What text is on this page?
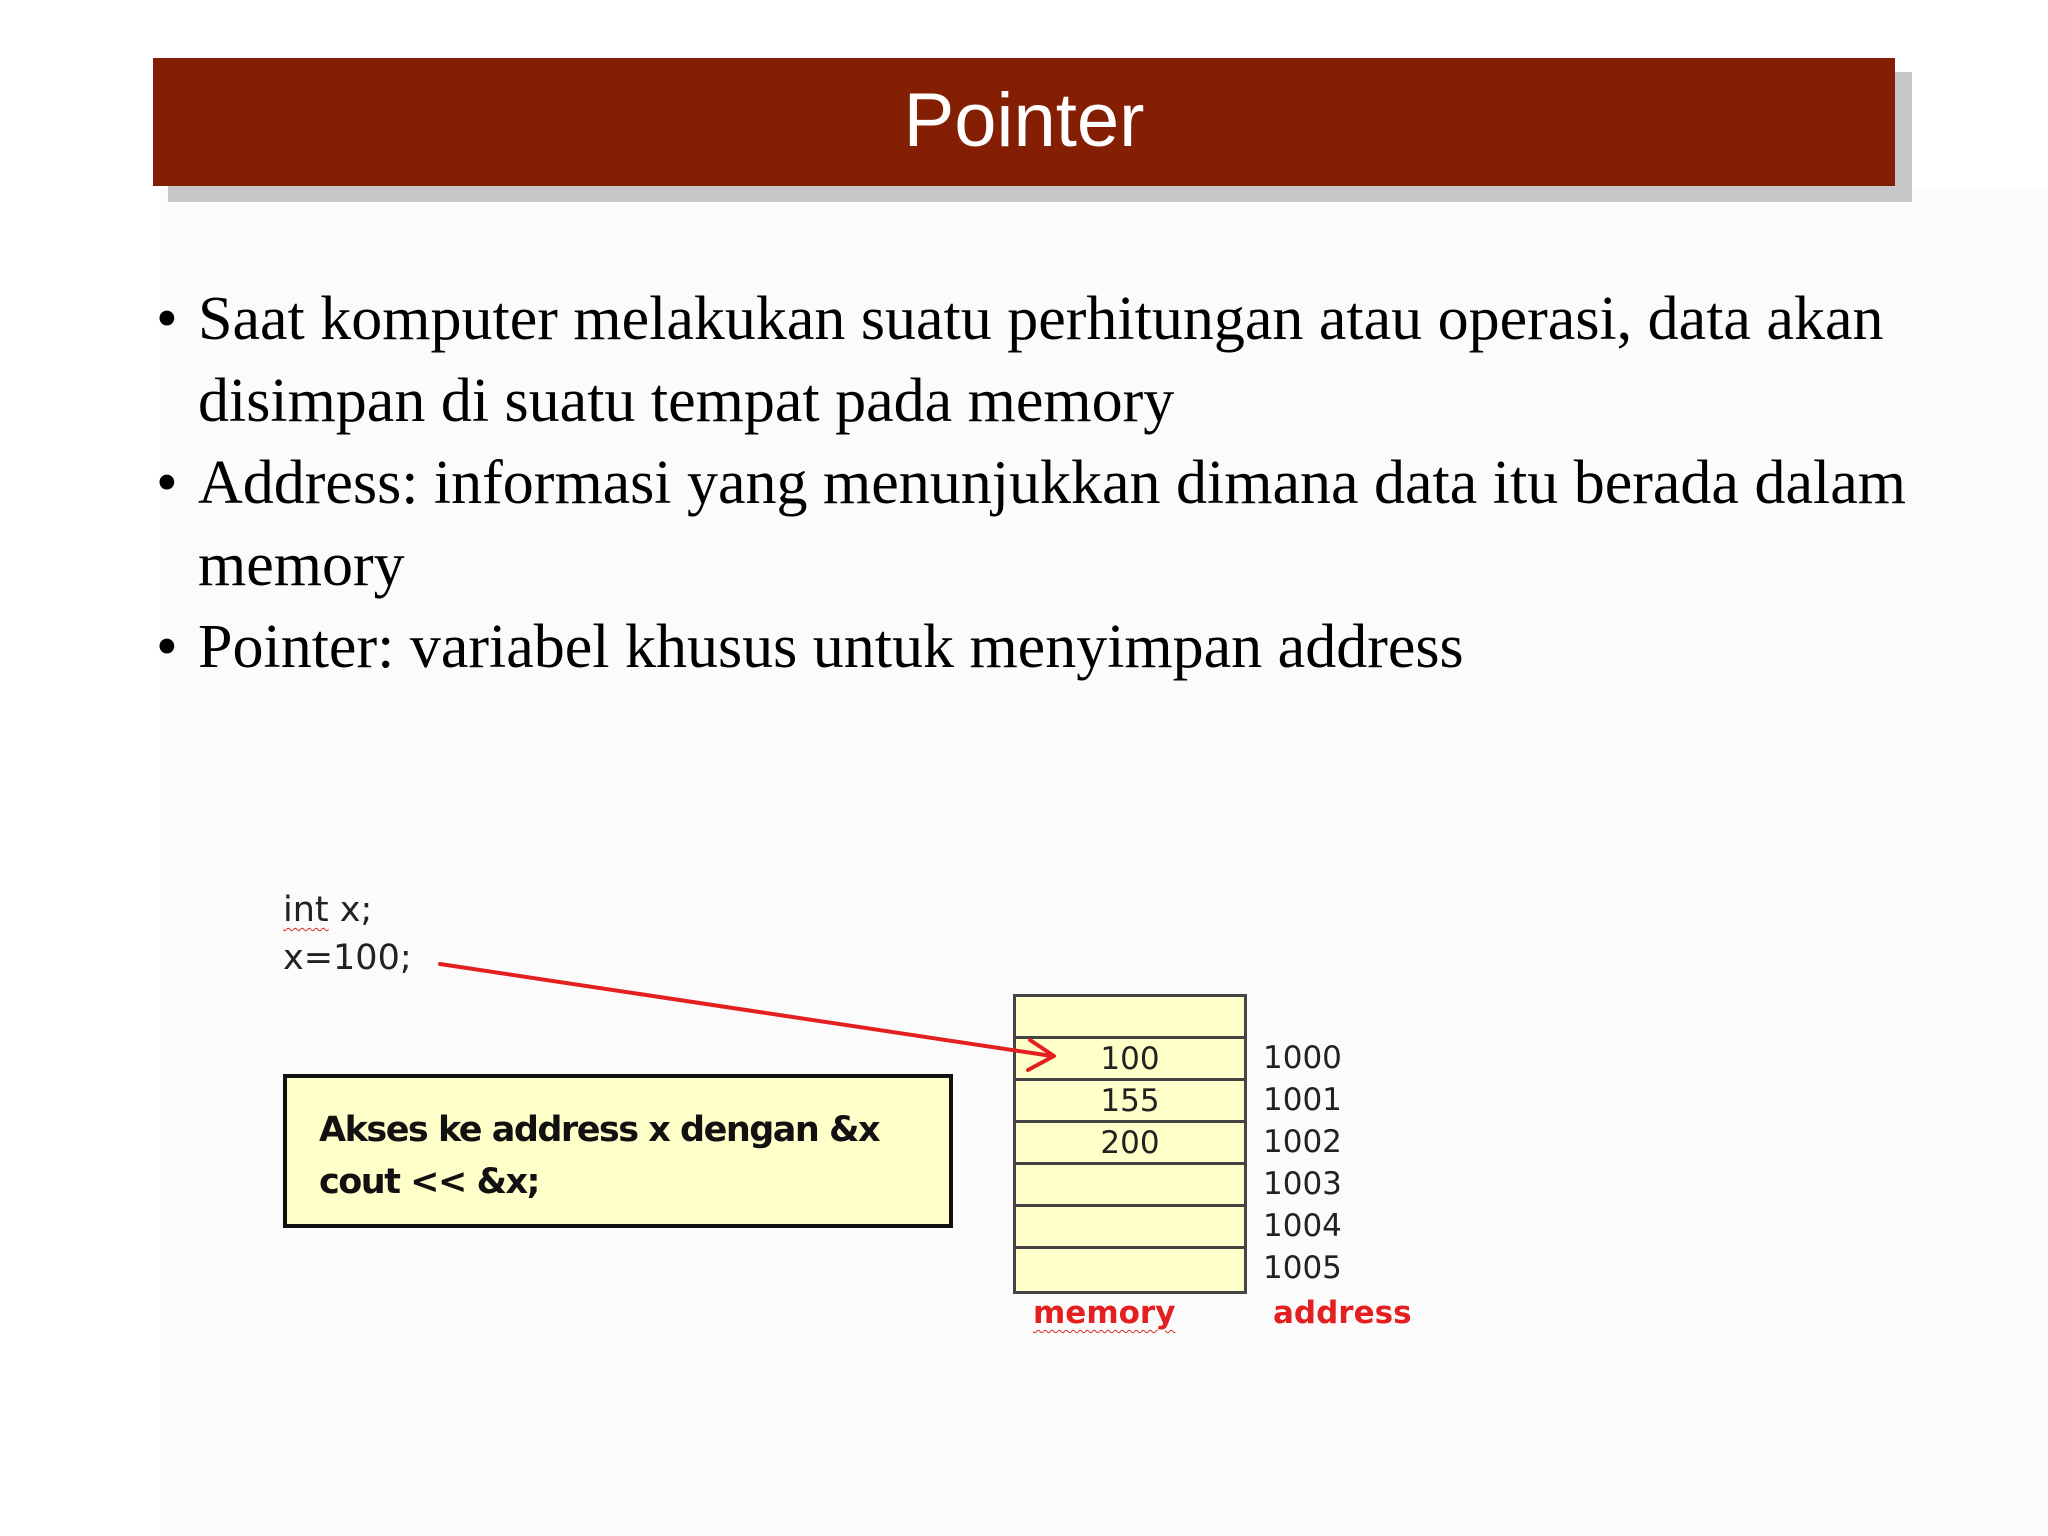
Pointer
• Saat komputer melakukan suatu perhitungan atau operasi, data akan disimpan di suatu tempat pada memory
• Address: informasi yang menunjukkan dimana data itu berada dalam memory
• Pointer: variabel khusus untuk menyimpan address
int x;
x=100;
Akses ke address x dengan &x
cout << &x;
100
155
200
1000
1001
1002
1003
1004
1005
memory	address
